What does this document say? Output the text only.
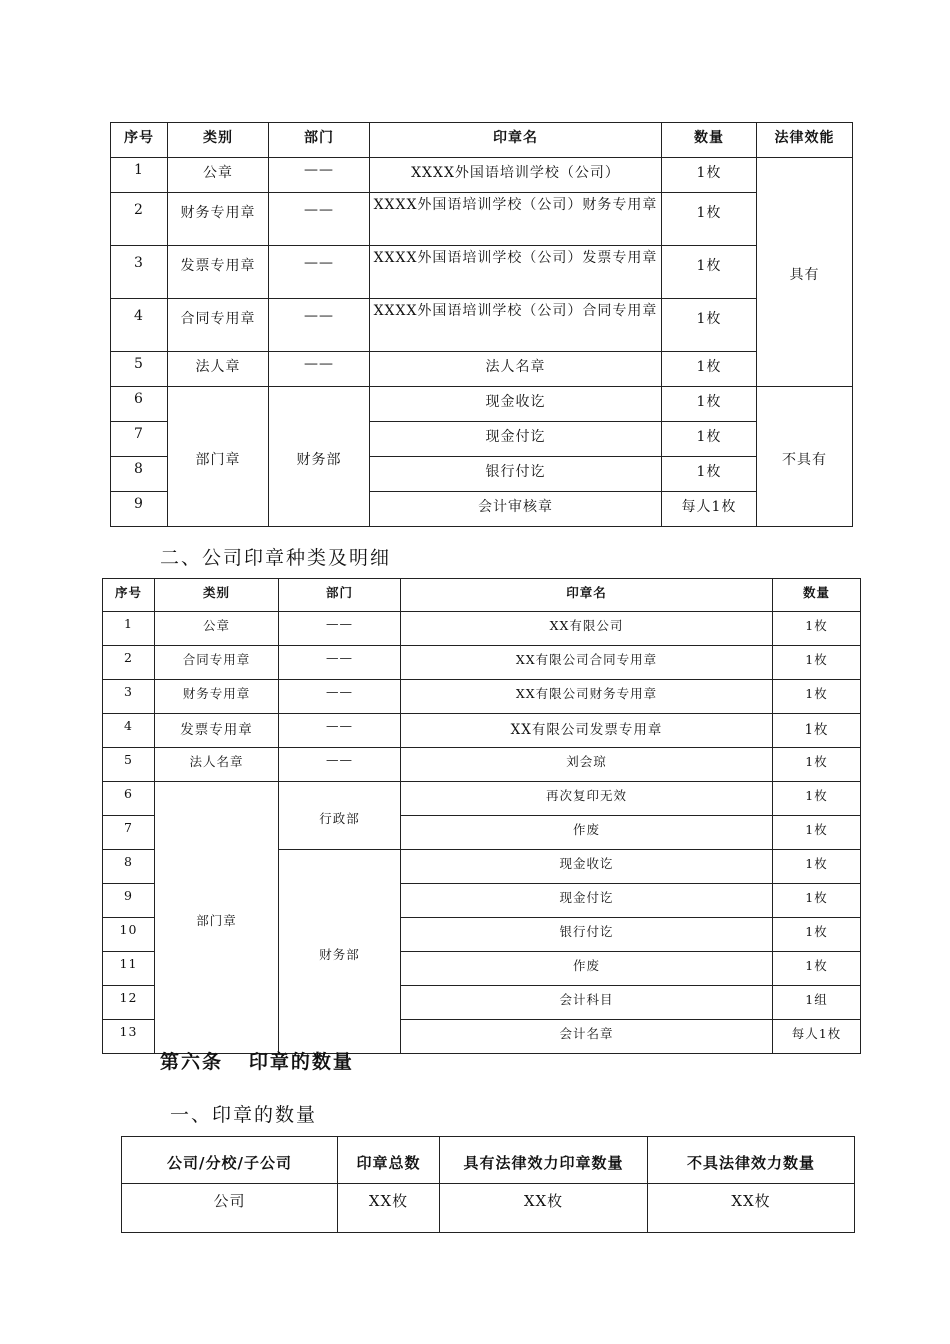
序号	类别	部门	印章名	数量	法律效能
1	公章	——	XXXX外国语培训学校（公司）	1枚	具有
2	财务专用章	——	XXXX外国语培训学校（公司）财务专用章	1枚	
3	发票专用章	——	XXXX外国语培训学校（公司）发票专用章	1枚	
4	合同专用章	——	XXXX外国语培训学校（公司）合同专用章	1枚	
5	法人章	——	法人名章	1枚	
6	部门章	财务部	现金收讫	1枚	不具有
7			现金付讫	1枚	
8			银行付讫	1枚	
9			会计审核章	每人1枚	
二、公司印章种类及明细
序号	类别	部门	印章名	数量
1	公章	——	XX有限公司	1枚
2	合同专用章	——	XX有限公司合同专用章	1枚
3	财务专用章	——	XX有限公司财务专用章	1枚
4	发票专用章	——	XX有限公司发票专用章	1枚
5	法人名章	——	刘会琼	1枚
6	部门章	行政部	再次复印无效	1枚
7			作废	1枚
8		财务部	现金收讫	1枚
9			现金付讫	1枚
10			银行付讫	1枚
11			作废	1枚
12			会计科目	1组
13			会计名章	每人1枚
第六条   印章的数量
一、印章的数量
公司/分校/子公司	印章总数	具有法律效力印章数量	不具法律效力数量
公司	XX枚	XX枚	XX枚
